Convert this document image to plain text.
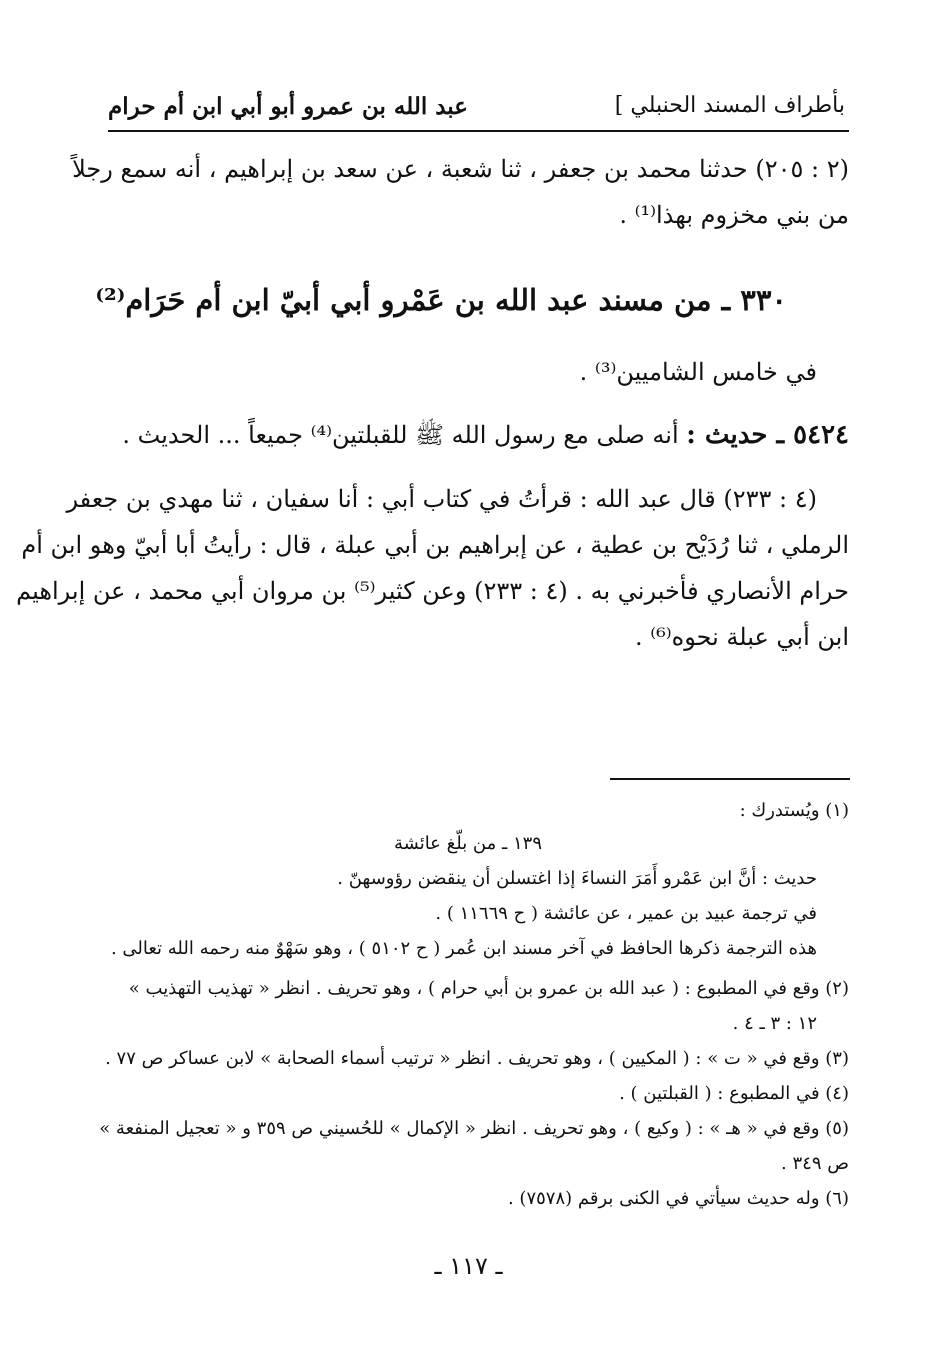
عبد الله بن عمرو أبو أبي ابن أم حرام	بأطراف المسند الحنبلي ]
(٢ : ٢٠٥) حدثنا محمد بن جعفر ، ثنا شعبة ، عن سعد بن إبراهيم ، أنه سمع رجلاً
من بني مخزوم بهذا⁽¹⁾ .
٣٣٠ ـ من مسند عبد الله بن عَمْرو أبي أبيّ ابن أم حَرَام⁽²⁾
في خامس الشاميين⁽³⁾ .
٥٤٢٤ ـ حديث : أنه صلى مع رسول الله ﷺ للقبلتين⁽⁴⁾ جميعاً ... الحديث .
(٤ : ٢٣٣) قال عبد الله : قرأتُ في كتاب أبي : أنا سفيان ، ثنا مهدي بن جعفر
الرملي ، ثنا رُدَيْح بن عطية ، عن إبراهيم بن أبي عبلة ، قال : رأيتُ أبا أبيّ وهو ابن أم
حرام الأنصاري فأخبرني به . (٤ : ٢٣٣) وعن كثير⁽⁵⁾ بن مروان أبي محمد ، عن إبراهيم
ابن أبي عبلة نحوه⁽⁶⁾ .
(١) ويُستدرك :
١٣٩ ـ من بلّغ عائشة
حديث : أنَّ ابن عَمْرو أَمَرَ النساءَ إذا اغتسلن أن ينقضن رؤوسهنّ .
في ترجمة عبيد بن عمير ، عن عائشة ( ح ١١٦٦٩ ) .
هذه الترجمة ذكرها الحافظ في آخر مسند ابن عُمر ( ح ٥١٠٢ ) ، وهو سَهْوٌ منه رحمه الله تعالى .
(٢) وقع في المطبوع : ( عبد الله بن عمرو بن أبي حرام ) ، وهو تحريف . انظر « تهذيب التهذيب »
١٢ : ٣ ـ ٤ .
(٣) وقع في « ت » : ( المكيين ) ، وهو تحريف . انظر « ترتيب أسماء الصحابة » لابن عساكر ص ٧٧ .
(٤) في المطبوع : ( القبلتين ) .
(٥) وقع في « هـ » : ( وكيع ) ، وهو تحريف . انظر « الإكمال » للحُسيني ص ٣٥٩ و « تعجيل المنفعة »
ص ٣٤٩ .
(٦) وله حديث سيأتي في الكنى برقم (٧٥٧٨) .
ـ ١١٧ ـ
